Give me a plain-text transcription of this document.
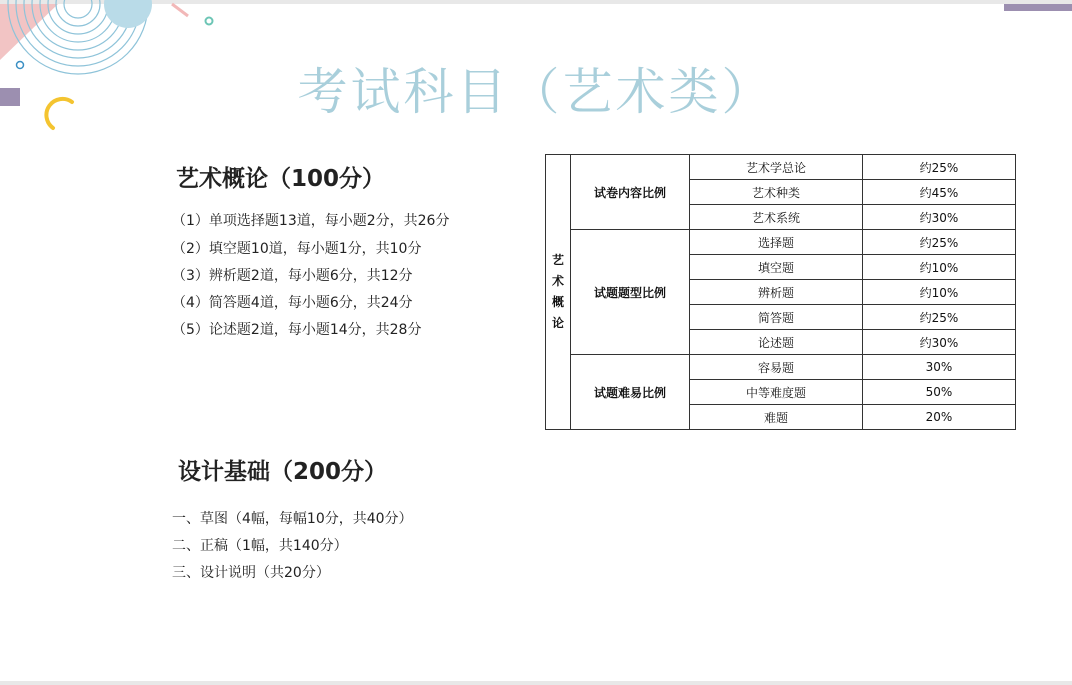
考试科目（艺术类）
艺术概论（100分）
（1）单项选择题13道，每小题2分，共26分
（2）填空题10道，每小题1分，共10分
（3）辨析题2道，每小题6分，共12分
（4）简答题4道，每小题6分，共24分
（5）论述题2道，每小题14分，共28分
设计基础（200分）
一、草图（4幅，每幅10分，共40分）
二、正稿（1幅，共140分）
三、设计说明（共20分）
艺
术
概
论	试卷内容比例	艺术学总论	约25%
		艺术种类	约45%
		艺术系统	约30%
	试题题型比例	选择题	约25%
		填空题	约10%
		辨析题	约10%
		简答题	约25%
		论述题	约30%
	试题难易比例	容易题	30%
		中等难度题	50%
		难题	20%
